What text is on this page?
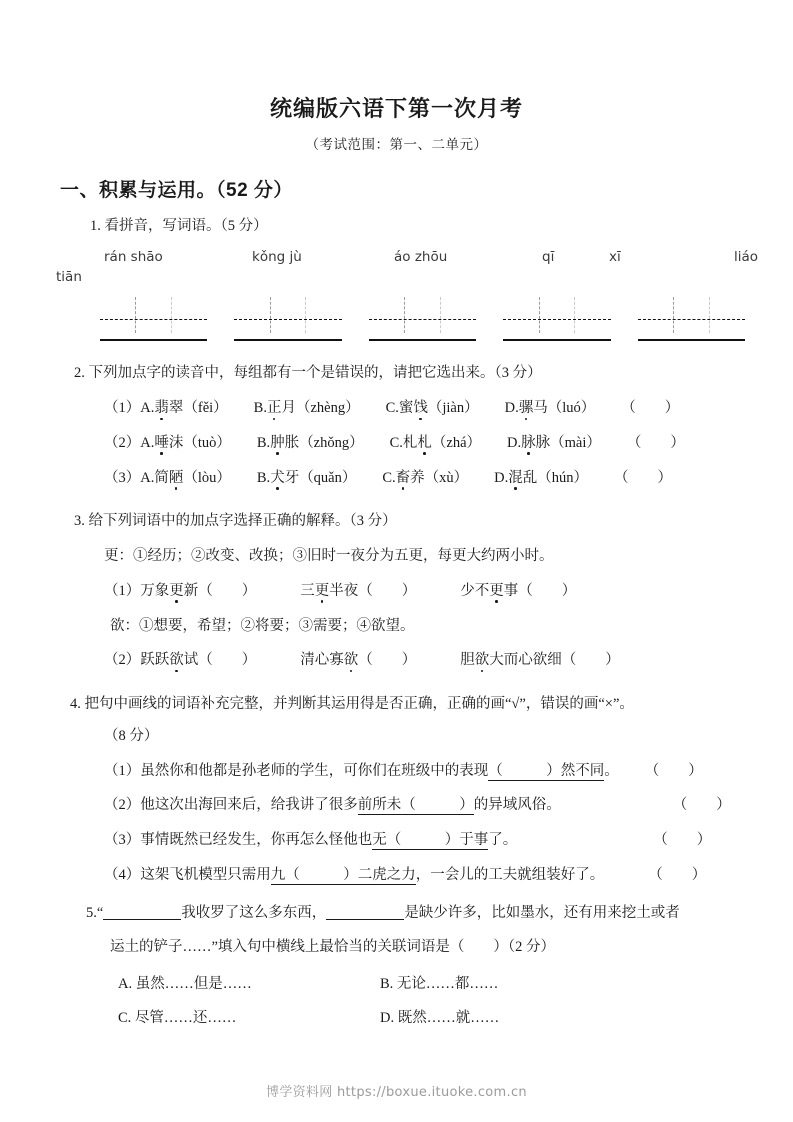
统编版六语下第一次月考

（考试范围：第一、二单元）

一、积累与运用。（52 分）
1. 看拼音，写词语。（5 分）
rán shāo	kǒng jù	áo zhōu	qī	xī	liáo
tiān
2. 下列加点字的读音中，每组都有一个是错误的，请把它选出来。（3 分）
（1）A.翡翠（fěi） B.正月（zhèng） C.蜜饯（jiàn） D.骡马（luó） （　　）
（2）A.唾沫（tuò） B.肿胀（zhǒng） C.札札（zhá） D.脉脉（mài） （　　）
（3）A.简陋（lòu） B.犬牙（quǎn） C.畜养（xù） D.混乱（hún） （　　）
3. 给下列词语中的加点字选择正确的解释。（3 分）
更：①经历；②改变、改换；③旧时一夜分为五更，每更大约两小时。
（1）万象更新（　　）	三更半夜（　　）	少不更事（　　）
欲：①想要，希望；②将要；③需要；④欲望。
（2）跃跃欲试（　　）	清心寡欲（　　）	胆欲大而心欲细（　　）
4. 把句中画线的词语补充完整，并判断其运用得是否正确，正确的画“√”，错误的画“×”。
（8 分）
（1）虽然你和他都是孙老师的学生，可你们在班级中的表现（　　　）然不同。 （　　）
（2）他这次出海回来后，给我讲了很多前所未（　　　）的异域风俗。	（　　）
（3）事情既然已经发生，你再怎么怪他也无（　　　）于事了。	（　　）
（4）这架飞机模型只需用九（　　　）二虎之力，一会儿的工夫就组装好了。	（　　）
5.“	我收罗了这么多东西，	是缺少许多，比如墨水，还有用来挖土或者
运土的铲子……”填入句中横线上最恰当的关联词语是（　　）（2 分）
A. 虽然……但是……	B. 无论……都……
C. 尽管……还……	D. 既然……就……
博学资料网 https://boxue.ituoke.com.cn
